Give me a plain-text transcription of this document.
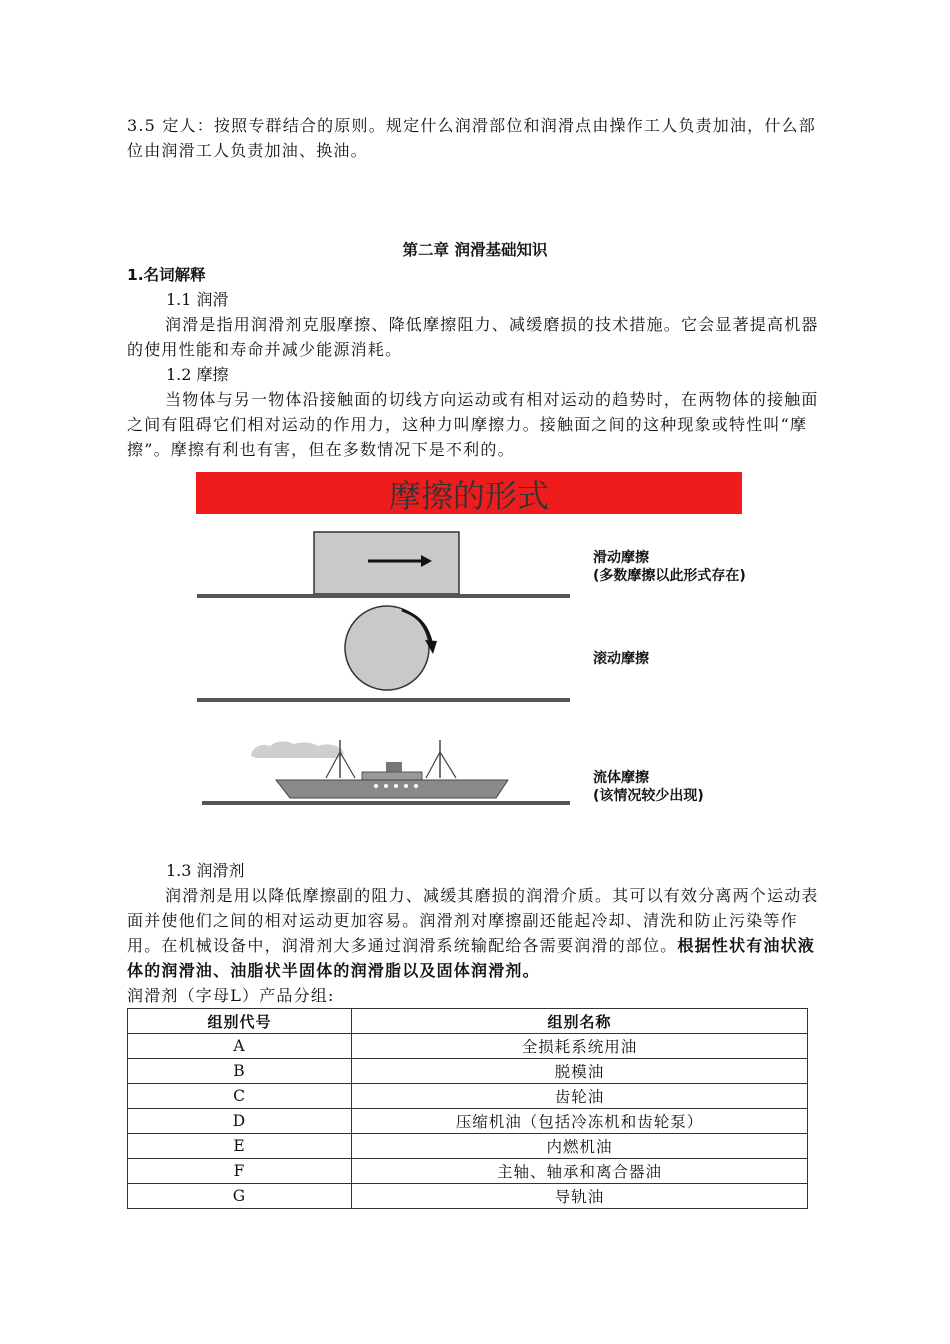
3.5 定人：按照专群结合的原则。规定什么润滑部位和润滑点由操作工人负责加油，什么部位由润滑工人负责加油、换油。

第二章 润滑基础知识
1.名词解释
1.1 润滑

润滑是指用润滑剂克服摩擦、降低摩擦阻力、减缓磨损的技术措施。它会显著提高机器的使用性能和寿命并减少能源消耗。

1.2 摩擦

当物体与另一物体沿接触面的切线方向运动或有相对运动的趋势时，在两物体的接触面之间有阻碍它们相对运动的作用力，这种力叫摩擦力。接触面之间的这种现象或特性叫“摩擦”。摩擦有利也有害，但在多数情况下是不利的。

摩擦的形式
滑动摩擦
(多数摩擦以此形式存在)
滚动摩擦
流体摩擦
(该情况较少出现)
1.3 润滑剂

润滑剂是用以降低摩擦副的阻力、减缓其磨损的润滑介质。其可以有效分离两个运动表面并使他们之间的相对运动更加容易。润滑剂对摩擦副还能起冷却、清洗和防止污染等作用。在机械设备中，润滑剂大多通过润滑系统输配给各需要润滑的部位。根据性状有油状液体的润滑油、油脂状半固体的润滑脂以及固体润滑剂。

润滑剂（字母L）产品分组:
组别代号	组别名称
A	全损耗系统用油
B	脱模油
C	齿轮油
D	压缩机油（包括冷冻机和齿轮泵）
E	内燃机油
F	主轴、轴承和离合器油
G	导轨油
